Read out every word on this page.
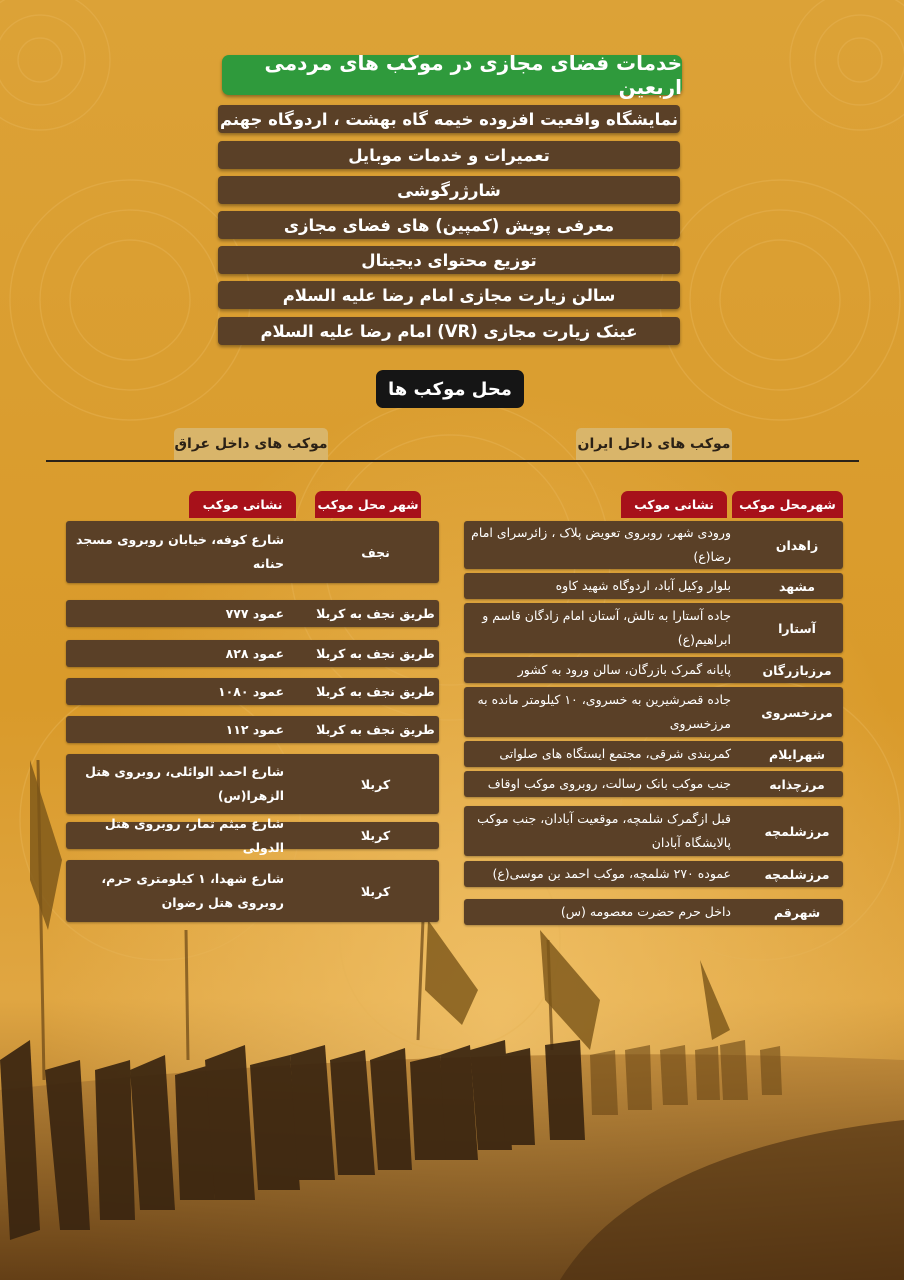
خدمات فضای مجازی در موکب های مردمی اربعین
نمایشگاه واقعیت افزوده خیمه گاه بهشت ، اردوگاه جهنم
تعمیرات و خدمات موبایل
شارژرگوشی
معرفی پویش (کمپین) های فضای مجازی
توزیع محتوای دیجیتال
سالن زیارت مجازی امام رضا علیه السلام
عینک زیارت مجازی (VR) امام رضا علیه السلام
محل موکب ها
موکب های داخل ایران
موکب های داخل عراق
شهرمحل موکب
نشانی موکب
شهر محل موکب
نشانی موکب
زاهدان
ورودی شهر، روبروی تعویض پلاک ، زائرسرای امام رضا(ع)
مشهد
بلوار وکیل آباد، اردوگاه شهید کاوه
آستارا
جاده آستارا به تالش، آستان امام زادگان قاسم و ابراهیم(ع)
مرزبازرگان
پایانه گمرک بازرگان، سالن ورود به کشور
مرزخسروی
جاده قصرشیرین به خسروی، ۱۰ کیلومتر مانده به مرزخسروی
شهرایلام
کمربندی شرقی، مجتمع ایستگاه های صلواتی
مرزچذابه
جنب موکب بانک رسالت، روبروی موکب اوقاف
مرزشلمچه
قبل ازگمرک شلمچه، موقعیت آبادان، جنب موکب پالایشگاه آبادان
مرزشلمچه
عموده ۲۷۰ شلمچه، موکب احمد بن موسی(ع)
شهرقم
داخل حرم حضرت معصومه (س)
نجف
شارع کوفه، خیابان روبروی مسجد حنانه
طریق نجف به کربلا
عمود ۷۷۷
طریق نجف به کربلا
عمود ۸۲۸
طریق نجف به کربلا
عمود ۱۰۸۰
طریق نجف به کربلا
عمود ۱۱۲
کربلا
شارع احمد الوائلی، روبروی هتل الزهرا(س)
کربلا
شارع میثم تمار، روبروی هتل الدولی
کربلا
شارع شهدا، ۱ کیلومتری حرم، روبروی هتل رضوان
